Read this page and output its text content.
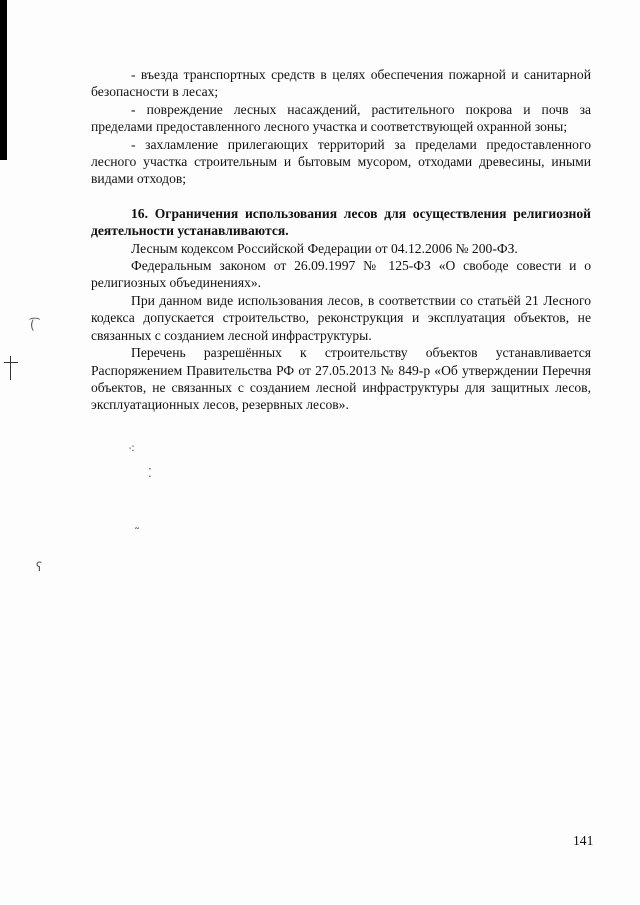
(͡
⁖
⁚
˜
ʕ

- въезда транспортных средств в целях обеспечения пожарной и санитарной безопасности в лесах;

- повреждение лесных насаждений, растительного покрова и почв за пределами предоставленного лесного участка и соответствующей охранной зоны;

- захламление прилегающих территорий за пределами предоставленного лесного участка строительным и бытовым мусором, отходами древесины, иными видами отходов;

16. Ограничения использования лесов для осуществления религиозной деятельности устанавливаются.

Лесным кодексом Российской Федерации от 04.12.2006 № 200-ФЗ.

Федеральным законом от 26.09.1997 № 125-ФЗ «О свободе совести и о религиозных объединениях».

При данном виде использования лесов, в соответствии со статьёй 21 Лесного кодекса допускается строительство, реконструкция и эксплуатация объектов, не связанных с созданием лесной инфраструктуры.

Перечень разрешённых к строительству объектов устанавливается Распоряжением Правительства РФ от 27.05.2013 № 849-р «Об утверждении Перечня объектов, не связанных с созданием лесной инфраструктуры для защитных лесов, эксплуатационных лесов, резервных лесов».

141
